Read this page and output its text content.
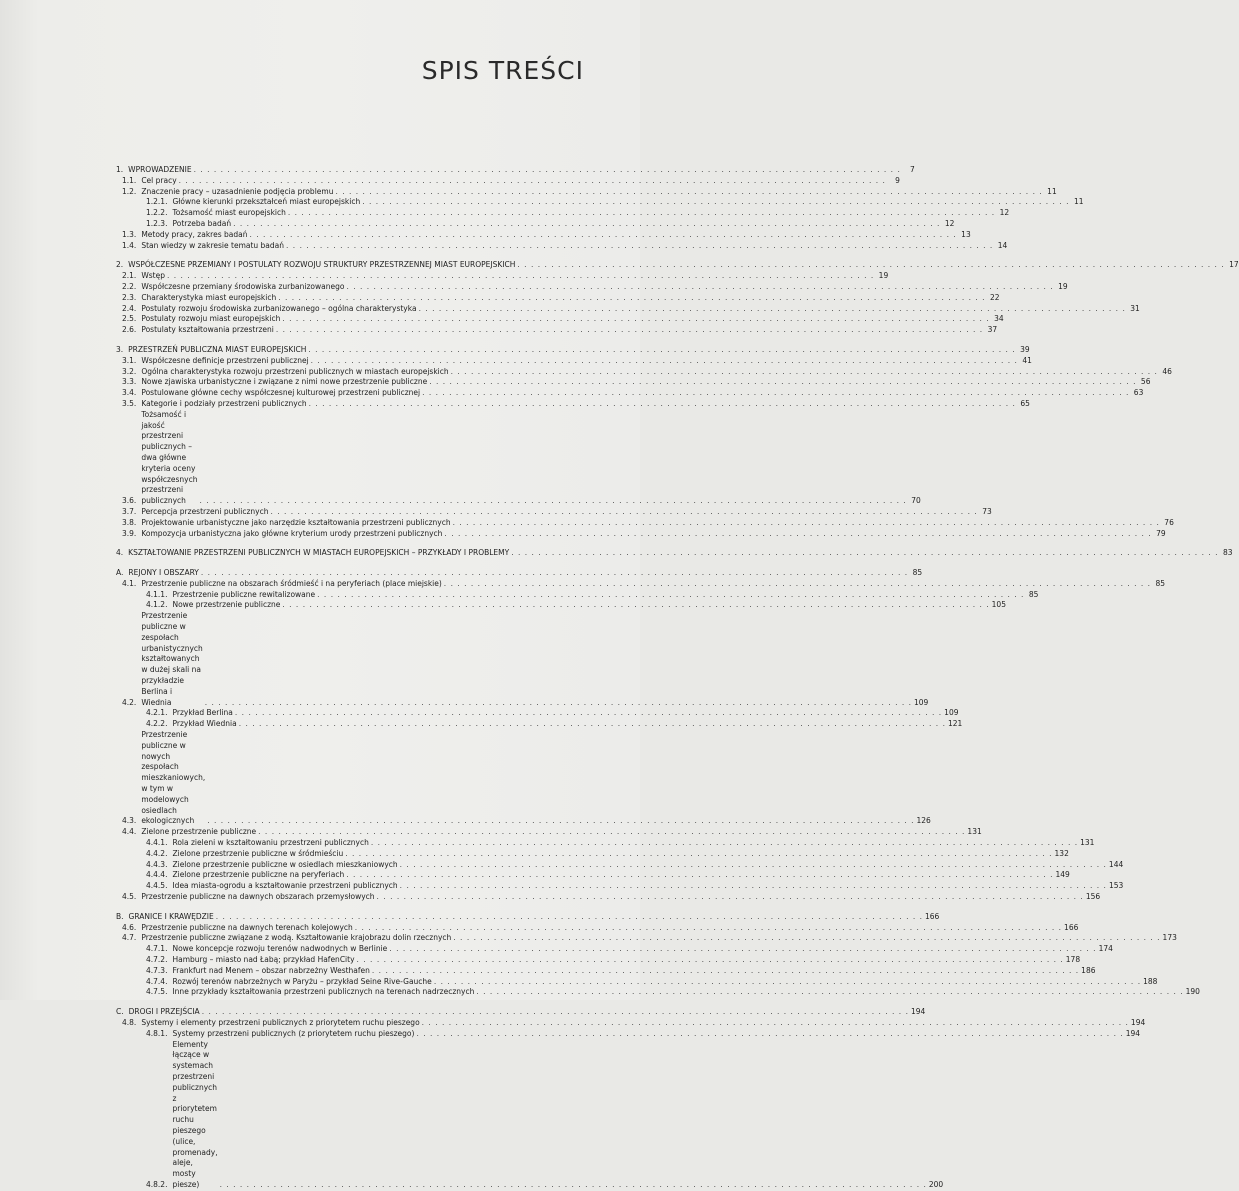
SPIS TREŚCI
1. WPROWADZENIE . . .	7
1.1. Cel pracy . . .	9
1.2. Znaczenie pracy – uzasadnienie podjęcia problemu . . .	11
1.2.1. Główne kierunki przekształceń miast europejskich . . .	11
1.2.2. Tożsamość miast europejskich . . .	12
1.2.3. Potrzeba badań . . .	12
1.3. Metody pracy, zakres badań . . .	13
1.4. Stan wiedzy w zakresie tematu badań . . .	14
2. WSPÓŁCZESNE PRZEMIANY I POSTULATY ROZWOJU STRUKTURY PRZESTRZENNEJ MIAST EUROPEJSKICH . . .	17
2.1. Wstęp . . .	19
2.2. Współczesne przemiany środowiska zurbanizowanego . . .	19
2.3. Charakterystyka miast europejskich . . .	22
2.4. Postulaty rozwoju środowiska zurbanizowanego – ogólna charakterystyka . . .	31
2.5. Postulaty rozwoju miast europejskich . . .	34
2.6. Postulaty kształtowania przestrzeni . . .	37
3. PRZESTRZEŃ PUBLICZNA MIAST EUROPEJSKICH . . .	39
3.1. Współczesne definicje przestrzeni publicznej . . .	41
3.2. Ogólna charakterystyka rozwoju przestrzeni publicznych w miastach europejskich . . .	46
3.3. Nowe zjawiska urbanistyczne i związane z nimi nowe przestrzenie publiczne . . .	56
3.4. Postulowane główne cechy współczesnej kulturowej przestrzeni publicznej . . .	63
3.5. Kategorie i podziały przestrzeni publicznych . . .	65
3.6.
Tożsamość i jakość przestrzeni publicznych – dwa główne kryteria oceny współczesnych przestrzeni publicznych . . .	70
3.7. Percepcja przestrzeni publicznych . . .	73
3.8. Projektowanie urbanistyczne jako narzędzie kształtowania przestrzeni publicznych . . .	76
3.9. Kompozycja urbanistyczna jako główne kryterium urody przestrzeni publicznych . . .	79
4. KSZTAŁTOWANIE PRZESTRZENI PUBLICZNYCH W MIASTACH EUROPEJSKICH – PRZYKŁADY I PROBLEMY . . .	83
A. REJONY I OBSZARY . . .	85
4.1. Przestrzenie publiczne na obszarach śródmieść i na peryferiach (place miejskie) . . .	85
4.1.1. Przestrzenie publiczne rewitalizowane . . .	85
4.1.2. Nowe przestrzenie publiczne . . .	105
4.2.
Przestrzenie publiczne w zespołach urbanistycznych kształtowanych w dużej skali na przykładzie Berlina i Wiednia . . .	109
4.2.1. Przykład Berlina . . .	109
4.2.2. Przykład Wiednia . . .	121
4.3.
Przestrzenie publiczne w nowych zespołach mieszkaniowych, w tym w modelowych osiedlach ekologicznych . . .	126
4.4. Zielone przestrzenie publiczne . . .	131
4.4.1. Rola zieleni w kształtowaniu przestrzeni publicznych . . .	131
4.4.2. Zielone przestrzenie publiczne w śródmieściu . . .	132
4.4.3. Zielone przestrzenie publiczne w osiedlach mieszkaniowych . . .	144
4.4.4. Zielone przestrzenie publiczne na peryferiach . . .	149
4.4.5. Idea miasta-ogrodu a kształtowanie przestrzeni publicznych . . .	153
4.5. Przestrzenie publiczne na dawnych obszarach przemysłowych . . .	156
B. GRANICE I KRAWĘDZIE . . .	166
4.6. Przestrzenie publiczne na dawnych terenach kolejowych . . .	166
4.7. Przestrzenie publiczne związane z wodą. Kształtowanie krajobrazu dolin rzecznych . . .	173
4.7.1. Nowe koncepcje rozwoju terenów nadwodnych w Berlinie . . .	174
4.7.2. Hamburg – miasto nad Łabą; przykład HafenCity . . .	178
4.7.3. Frankfurt nad Menem – obszar nabrzeżny Westhafen . . .	186
4.7.4. Rozwój terenów nabrzeżnych w Paryżu – przykład Seine Rive-Gauche . . .	188
4.7.5. Inne przykłady kształtowania przestrzeni publicznych na terenach nadrzecznych . . .	190
C. DROGI I PRZEJŚCIA . . .	194
4.8. Systemy i elementy przestrzeni publicznych z priorytetem ruchu pieszego . . .	194
4.8.1. Systemy przestrzeni publicznych (z priorytetem ruchu pieszego) . . .	194
4.8.2.
Elementy łączące w systemach przestrzeni publicznych z priorytetem ruchu pieszego (ulice, promenady, aleje, mosty piesze) . . .	200
